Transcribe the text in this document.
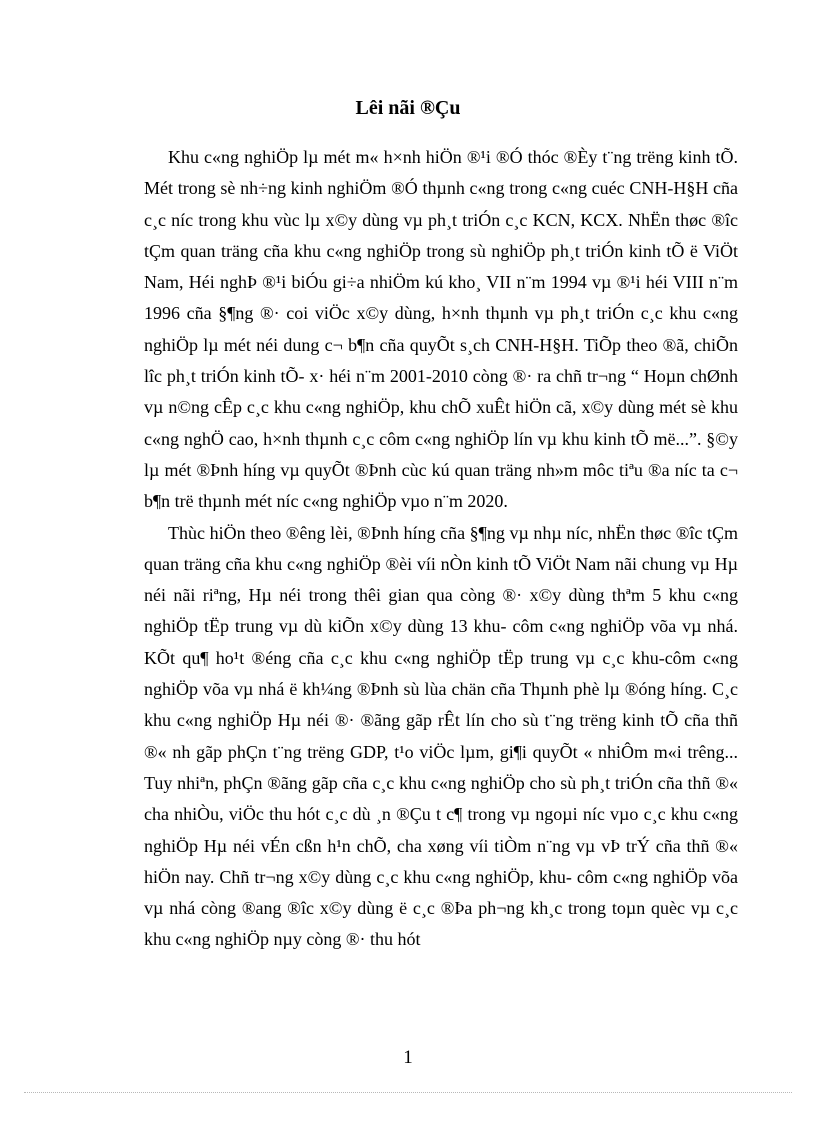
Lêi nãi ®Çu

Khu c«ng nghiÖp lµ mét m« h×nh hiÖn ®¹i ®Ó thóc ®Èy t¨ng trëng kinh tÕ. Mét trong sè nh÷ng kinh nghiÖm ®Ó thµnh c«ng trong c«ng cuéc CNH-H§H cña c¸c níc trong khu vùc lµ x©y dùng vµ ph¸t triÓn c¸c KCN, KCX. NhËn thøc ®îc tÇm quan träng cña khu c«ng nghiÖp trong sù nghiÖp ph¸t triÓn kinh tÕ ë ViÖt Nam, Héi nghÞ ®¹i biÓu gi÷a nhiÖm kú kho¸ VII n¨m 1994 vµ ®¹i héi VIII n¨m 1996 cña §¶ng ®· coi viÖc x©y dùng, h×nh thµnh vµ ph¸t triÓn c¸c khu c«ng nghiÖp lµ mét néi dung c¬ b¶n cña quyÕt s¸ch CNH-H§H. TiÕp theo ®ã, chiÕn lîc ph¸t triÓn kinh tÕ- x· héi n¨m 2001-2010 còng ®· ra chñ tr¬ng “ Hoµn chØnh vµ n©ng cÊp c¸c khu c«ng nghiÖp, khu chÕ xuÊt hiÖn cã, x©y dùng mét sè khu c«ng nghÖ cao, h×nh thµnh c¸c côm c«ng nghiÖp lín vµ khu kinh tÕ më...”. §©y lµ mét ®Þnh híng vµ quyÕt ®Þnh cùc kú quan träng nh»m môc tiªu ®a níc ta c¬ b¶n trë thµnh mét níc c«ng nghiÖp vµo n¨m 2020.

Thùc hiÖn theo ®êng lèi, ®Þnh híng cña §¶ng vµ nhµ níc, nhËn thøc ®îc tÇm quan träng cña khu c«ng nghiÖp ®èi víi nÒn kinh tÕ ViÖt Nam nãi chung vµ Hµ néi nãi riªng, Hµ néi trong thêi gian qua còng ®· x©y dùng thªm 5 khu c«ng nghiÖp tËp trung vµ dù kiÕn x©y dùng 13 khu- côm c«ng nghiÖp võa vµ nhá. KÕt qu¶ ho¹t ®éng cña c¸c khu c«ng nghiÖp tËp trung vµ c¸c khu-côm c«ng nghiÖp võa vµ nhá ë kh¼ng ®Þnh sù lùa chän cña Thµnh phè lµ ®óng híng. C¸c khu c«ng nghiÖp Hµ néi ®· ®ãng gãp rÊt lín cho sù t¨ng trëng kinh tÕ cña thñ ®« nh gãp phÇn t¨ng trëng GDP, t¹o viÖc lµm, gi¶i quyÕt « nhiÔm m«i trêng... Tuy nhiªn, phÇn ®ãng gãp cña c¸c khu c«ng nghiÖp cho sù ph¸t triÓn cña thñ ®« cha nhiÒu, viÖc thu hót c¸c dù ¸n ®Çu t c¶ trong vµ ngoµi níc vµo c¸c khu c«ng nghiÖp Hµ néi vÉn cßn h¹n chÕ, cha xøng víi tiÒm n¨ng vµ vÞ trÝ cña thñ ®« hiÖn nay. Chñ tr¬ng x©y dùng c¸c khu c«ng nghiÖp, khu- côm c«ng nghiÖp võa vµ nhá còng ®ang ®îc x©y dùng ë c¸c ®Þa ph¬ng kh¸c trong toµn quèc vµ c¸c khu c«ng nghiÖp nµy còng ®· thu hót

1
